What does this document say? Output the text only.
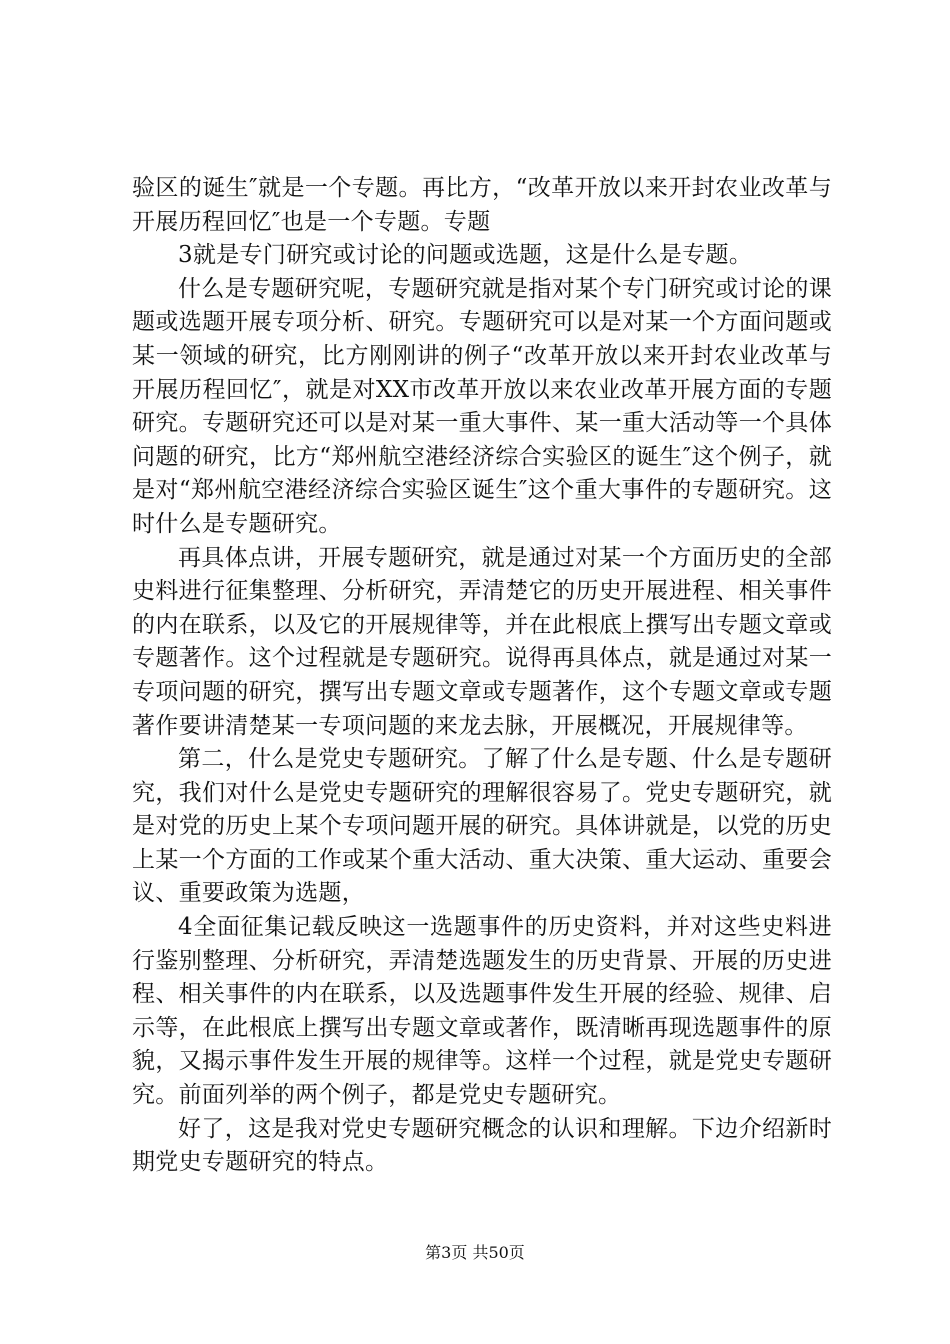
验区的诞生″就是一个专题。再比方，“改革开放以来开封农业改革与开展历程回忆″也是一个专题。专题

3就是专门研究或讨论的问题或选题，这是什么是专题。

什么是专题研究呢，专题研究就是指对某个专门研究或讨论的课题或选题开展专项分析、研究。专题研究可以是对某一个方面问题或某一领域的研究，比方刚刚讲的例子“改革开放以来开封农业改革与开展历程回忆″，就是对XX市改革开放以来农业改革开展方面的专题研究。专题研究还可以是对某一重大事件、某一重大活动等一个具体问题的研究，比方“郑州航空港经济综合实验区的诞生″这个例子，就是对“郑州航空港经济综合实验区诞生″这个重大事件的专题研究。这时什么是专题研究。

再具体点讲，开展专题研究，就是通过对某一个方面历史的全部史料进行征集整理、分析研究，弄清楚它的历史开展进程、相关事件的内在联系，以及它的开展规律等，并在此根底上撰写出专题文章或专题著作。这个过程就是专题研究。说得再具体点，就是通过对某一专项问题的研究，撰写出专题文章或专题著作，这个专题文章或专题著作要讲清楚某一专项问题的来龙去脉，开展概况，开展规律等。

第二，什么是党史专题研究。了解了什么是专题、什么是专题研究，我们对什么是党史专题研究的理解很容易了。党史专题研究，就是对党的历史上某个专项问题开展的研究。具体讲就是，以党的历史上某一个方面的工作或某个重大活动、重大决策、重大运动、重要会议、重要政策为选题，

4全面征集记载反映这一选题事件的历史资料，并对这些史料进行鉴别整理、分析研究，弄清楚选题发生的历史背景、开展的历史进程、相关事件的内在联系，以及选题事件发生开展的经验、规律、启示等，在此根底上撰写出专题文章或著作，既清晰再现选题事件的原貌，又揭示事件发生开展的规律等。这样一个过程，就是党史专题研究。前面列举的两个例子，都是党史专题研究。

好了，这是我对党史专题研究概念的认识和理解。下边介绍新时期党史专题研究的特点。

第3页 共50页
